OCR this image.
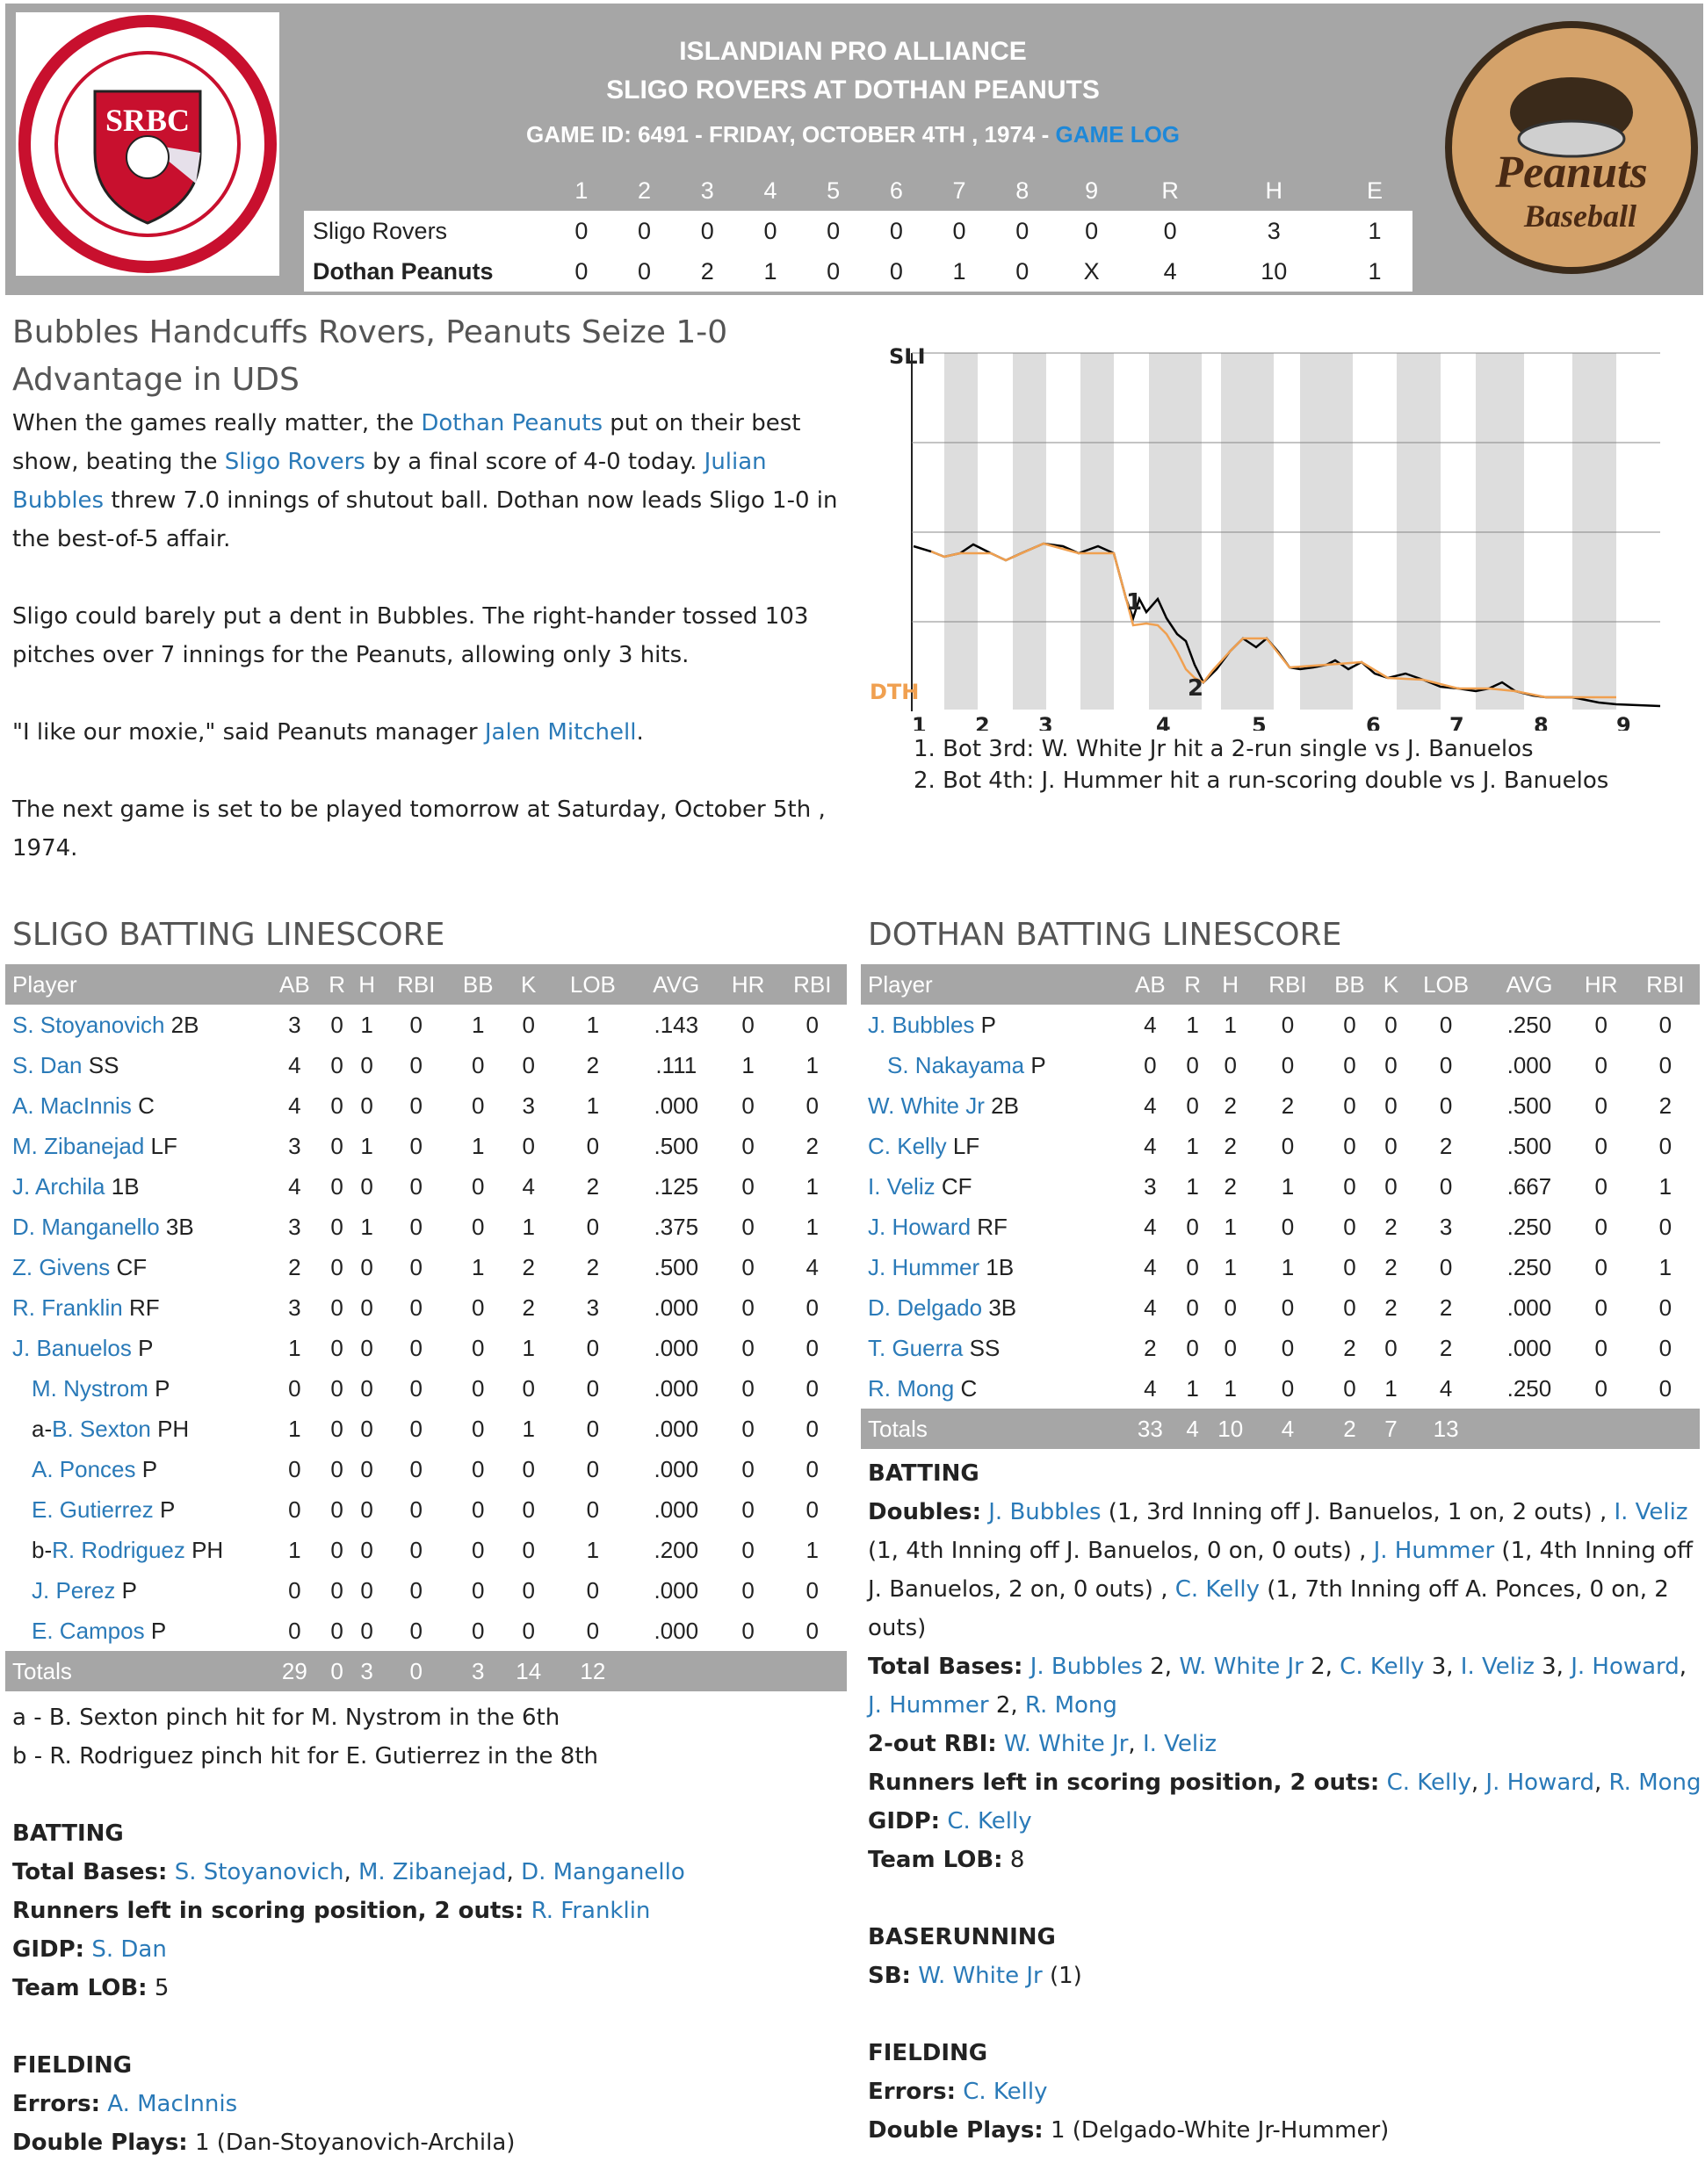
SRBC
ISLANDIAN PRO ALLIANCE
SLIGO ROVERS AT DOTHAN PEANUTS
GAME ID: 6491 - FRIDAY, OCTOBER 4TH , 1974 - GAME LOG
	1	2	3	4	5	6	7	8	9	R	H	E
Sligo Rovers	0	0	0	0	0	0	0	0	0	0	3	1
Dothan Peanuts	0	0	2	1	0	0	1	0	X	4	10	1
Peanuts
Baseball
Bubbles Handcuffs Rovers, Peanuts Seize 1-0 Advantage in UDS

When the games really matter, the Dothan Peanuts put on their best show, beating the Sligo Rovers by a final score of 4-0 today. Julian Bubbles threw 7.0 innings of shutout ball. Dothan now leads Sligo 1-0 in the best-of-5 affair.

Sligo could barely put a dent in Bubbles. The right-hander tossed 103 pitches over 7 innings for the Peanuts, allowing only 3 hits.

"I like our moxie," said Peanuts manager Jalen Mitchell.

The next game is set to be played tomorrow at Saturday, October 5th , 1974.

SLI
DTH
1
2
1 2 3	4	5	6	7	8	9
1. Bot 3rd: W. White Jr hit a 2-run single vs J. Banuelos
2. Bot 4th: J. Hummer hit a run-scoring double vs J. Banuelos
SLIGO BATTING LINESCORE
Player	AB	R	H	RBI	BB	K	LOB	AVG	HR	RBI
S. Stoyanovich 2B	3	0	1	0	1	0	1	.143	0	0
S. Dan SS	4	0	0	0	0	0	2	.111	1	1
A. MacInnis C	4	0	0	0	0	3	1	.000	0	0
M. Zibanejad LF	3	0	1	0	1	0	0	.500	0	2
J. Archila 1B	4	0	0	0	0	4	2	.125	0	1
D. Manganello 3B	3	0	1	0	0	1	0	.375	0	1
Z. Givens CF	2	0	0	0	1	2	2	.500	0	4
R. Franklin RF	3	0	0	0	0	2	3	.000	0	0
J. Banuelos P	1	0	0	0	0	1	0	.000	0	0
M. Nystrom P	0	0	0	0	0	0	0	.000	0	0
a-B. Sexton PH	1	0	0	0	0	1	0	.000	0	0
A. Ponces P	0	0	0	0	0	0	0	.000	0	0
E. Gutierrez P	0	0	0	0	0	0	0	.000	0	0
b-R. Rodriguez PH	1	0	0	0	0	0	1	.200	0	1
J. Perez P	0	0	0	0	0	0	0	.000	0	0
E. Campos P	0	0	0	0	0	0	0	.000	0	0
Totals	29	0	3	0	3	14	12			
a - B. Sexton pinch hit for M. Nystrom in the 6th
b - R. Rodriguez pinch hit for E. Gutierrez in the 8th
BATTING
Total Bases: S. Stoyanovich, M. Zibanejad, D. Manganello
Runners left in scoring position, 2 outs: R. Franklin
GIDP: S. Dan
Team LOB: 5
FIELDING
Errors: A. MacInnis
Double Plays: 1 (Dan-Stoyanovich-Archila)
DOTHAN BATTING LINESCORE
Player	AB	R	H	RBI	BB	K	LOB	AVG	HR	RBI
J. Bubbles P	4	1	1	0	0	0	0	.250	0	0
S. Nakayama P	0	0	0	0	0	0	0	.000	0	0
W. White Jr 2B	4	0	2	2	0	0	0	.500	0	2
C. Kelly LF	4	1	2	0	0	0	2	.500	0	0
I. Veliz CF	3	1	2	1	0	0	0	.667	0	1
J. Howard RF	4	0	1	0	0	2	3	.250	0	0
J. Hummer 1B	4	0	1	1	0	2	0	.250	0	1
D. Delgado 3B	4	0	0	0	0	2	2	.000	0	0
T. Guerra SS	2	0	0	0	2	0	2	.000	0	0
R. Mong C	4	1	1	0	0	1	4	.250	0	0
Totals	33	4	10	4	2	7	13			
BATTING
Doubles: J. Bubbles (1, 3rd Inning off J. Banuelos, 1 on, 2 outs) , I. Veliz (1, 4th Inning off J. Banuelos, 0 on, 0 outs) , J. Hummer (1, 4th Inning off J. Banuelos, 2 on, 0 outs) , C. Kelly (1, 7th Inning off A. Ponces, 0 on, 2 outs)
Total Bases: J. Bubbles 2, W. White Jr 2, C. Kelly 3, I. Veliz 3, J. Howard, J. Hummer 2, R. Mong
2-out RBI: W. White Jr, I. Veliz
Runners left in scoring position, 2 outs: C. Kelly, J. Howard, R. Mong
GIDP: C. Kelly
Team LOB: 8
BASERUNNING
SB: W. White Jr (1)
FIELDING
Errors: C. Kelly
Double Plays: 1 (Delgado-White Jr-Hummer)
